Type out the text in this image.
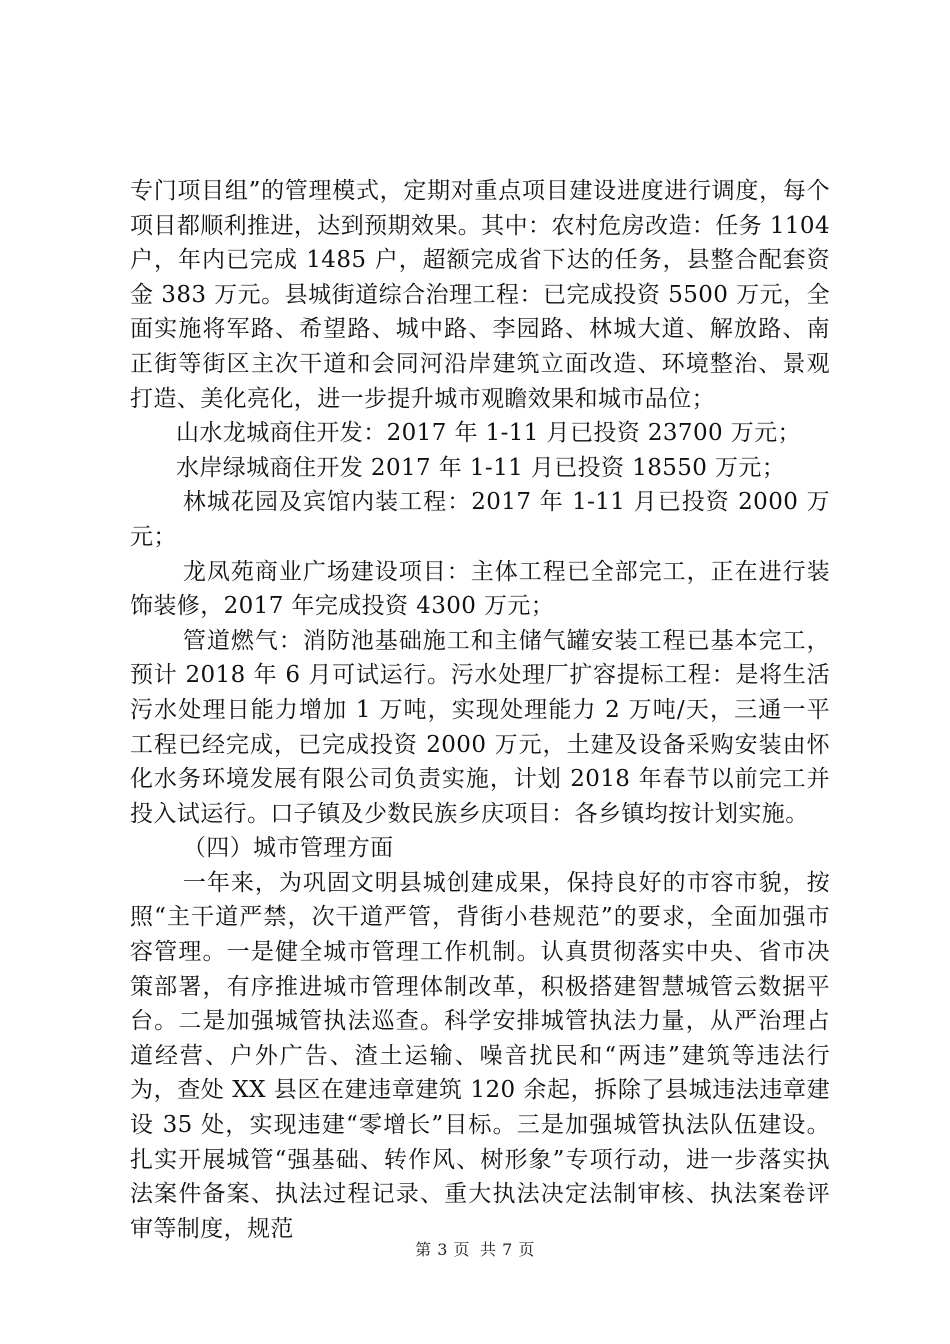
专门项目组”的管理模式，定期对重点项目建设进度进行调度，每个项目都顺利推进，达到预期效果。其中：农村危房改造：任务 1104 户，年内已完成 1485 户，超额完成省下达的任务，县整合配套资金 383 万元。县城街道综合治理工程：已完成投资 5500 万元，全面实施将军路、希望路、城中路、李园路、林城大道、解放路、南正街等街区主次干道和会同河沿岸建筑立面改造、环境整治、景观打造、美化亮化，进一步提升城市观瞻效果和城市品位；

山水龙城商住开发：2017 年 1-11 月已投资 23700 万元；

水岸绿城商住开发 2017 年 1-11 月已投资 18550 万元；

林城花园及宾馆内装工程：2017 年 1-11 月已投资 2000 万元；

龙凤苑商业广场建设项目：主体工程已全部完工，正在进行装饰装修，2017 年完成投资 4300 万元；

管道燃气：消防池基础施工和主储气罐安装工程已基本完工，预计 2018 年 6 月可试运行。污水处理厂扩容提标工程：是将生活污水处理日能力增加 1 万吨，实现处理能力 2 万吨/天，三通一平工程已经完成，已完成投资 2000 万元，土建及设备采购安装由怀化水务环境发展有限公司负责实施，计划 2018 年春节以前完工并投入试运行。口子镇及少数民族乡庆项目：各乡镇均按计划实施。

（四）城市管理方面

一年来，为巩固文明县城创建成果，保持良好的市容市貌，按照“主干道严禁，次干道严管，背街小巷规范”的要求，全面加强市容管理。一是健全城市管理工作机制。认真贯彻落实中央、省市决策部署，有序推进城市管理体制改革，积极搭建智慧城管云数据平台。二是加强城管执法巡查。科学安排城管执法力量，从严治理占道经营、户外广告、渣土运输、噪音扰民和“两违”建筑等违法行为，查处 XX 县区在建违章建筑 120 余起，拆除了县城违法违章建设 35 处，实现违建“零增长”目标。三是加强城管执法队伍建设。扎实开展城管“强基础、转作风、树形象”专项行动，进一步落实执法案件备案、执法过程记录、重大执法决定法制审核、执法案卷评审等制度，规范

第 3 页 共 7 页
